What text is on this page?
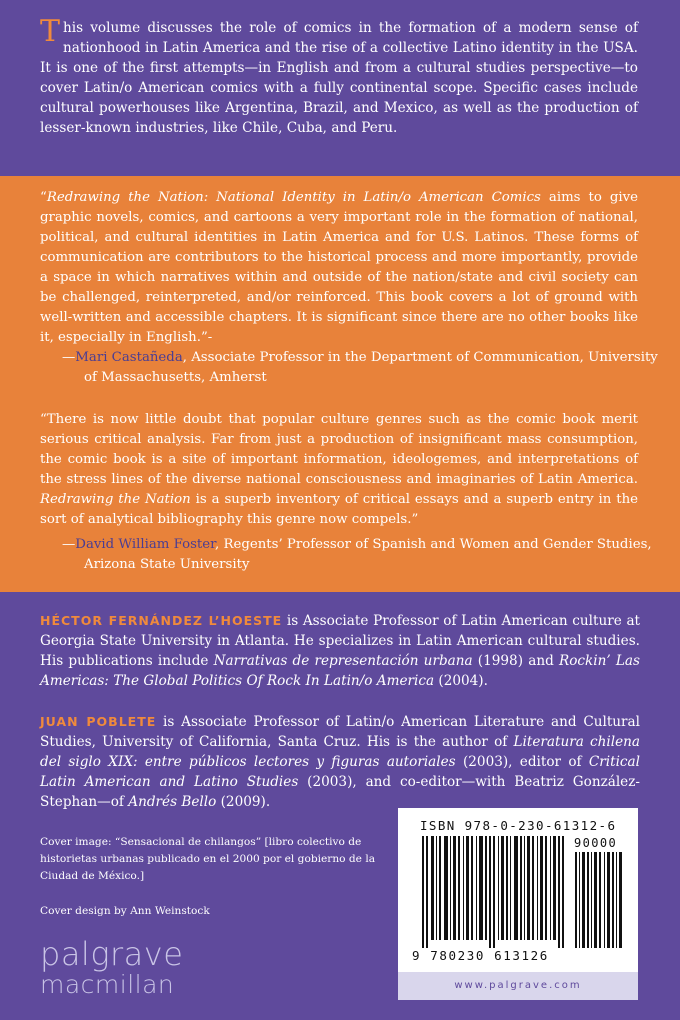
This volume discusses the role of comics in the formation of a modern sense of nationhood in Latin America and the rise of a collective Latino identity in the USA. It is one of the first attempts—in English and from a cultural studies perspective—to cover Latin/o American comics with a fully continental scope. Specific cases include cultural powerhouses like Argentina, Brazil, and Mexico, as well as the production of lesser-known industries, like Chile, Cuba, and Peru.

“Redrawing the Nation: National Identity in Latin/o American Comics aims to give graphic novels, comics, and cartoons a very important role in the formation of national, political, and cultural identities in Latin America and for U.S. Latinos. These forms of communication are contributors to the historical process and more importantly, provide a space in which narratives within and outside of the nation/state and civil society can be challenged, reinterpreted, and/or reinforced. This book covers a lot of ground with well-written and accessible chapters. It is significant since there are no other books like it, especially in English.”-

—Mari Castañeda, Associate Professor in the Department of Communication, University of Massachusetts, Amherst

“There is now little doubt that popular culture genres such as the comic book merit serious critical analysis. Far from just a production of insignificant mass consumption, the comic book is a site of important information, ideologemes, and interpretations of the stress lines of the diverse national consciousness and imaginaries of Latin America. Redrawing the Nation is a superb inventory of critical essays and a superb entry in the sort of analytical bibliography this genre now compels.”

—David William Foster, Regents’ Professor of Spanish and Women and Gender Studies, Arizona State University

HÉCTOR FERNÁNDEZ L’HOESTE is Associate Professor of Latin American culture at Georgia State University in Atlanta. He specializes in Latin American cultural studies. His publications include Narrativas de representación urbana (1998) and Rockin’ Las Americas: The Global Politics Of Rock In Latin/o America (2004).

JUAN POBLETE is Associate Professor of Latin/o American Literature and Cultural Studies, University of California, Santa Cruz. His is the author of Literatura chilena del siglo XIX: entre públicos lectores y figuras autoriales (2003), editor of Critical Latin American and Latino Studies (2003), and co-editor—with Beatriz González-Stephan—of Andrés Bello (2009).

Cover image: “Sensacional de chilangos” [libro colectivo de historietas urbanas publicado en el 2000 por el gobierno de la Ciudad de México.]

Cover design by Ann Weinstock

palgrave
macmillan
ISBN 978-0-230-61312-6
90000
9 780230 613126
www.palgrave.com
